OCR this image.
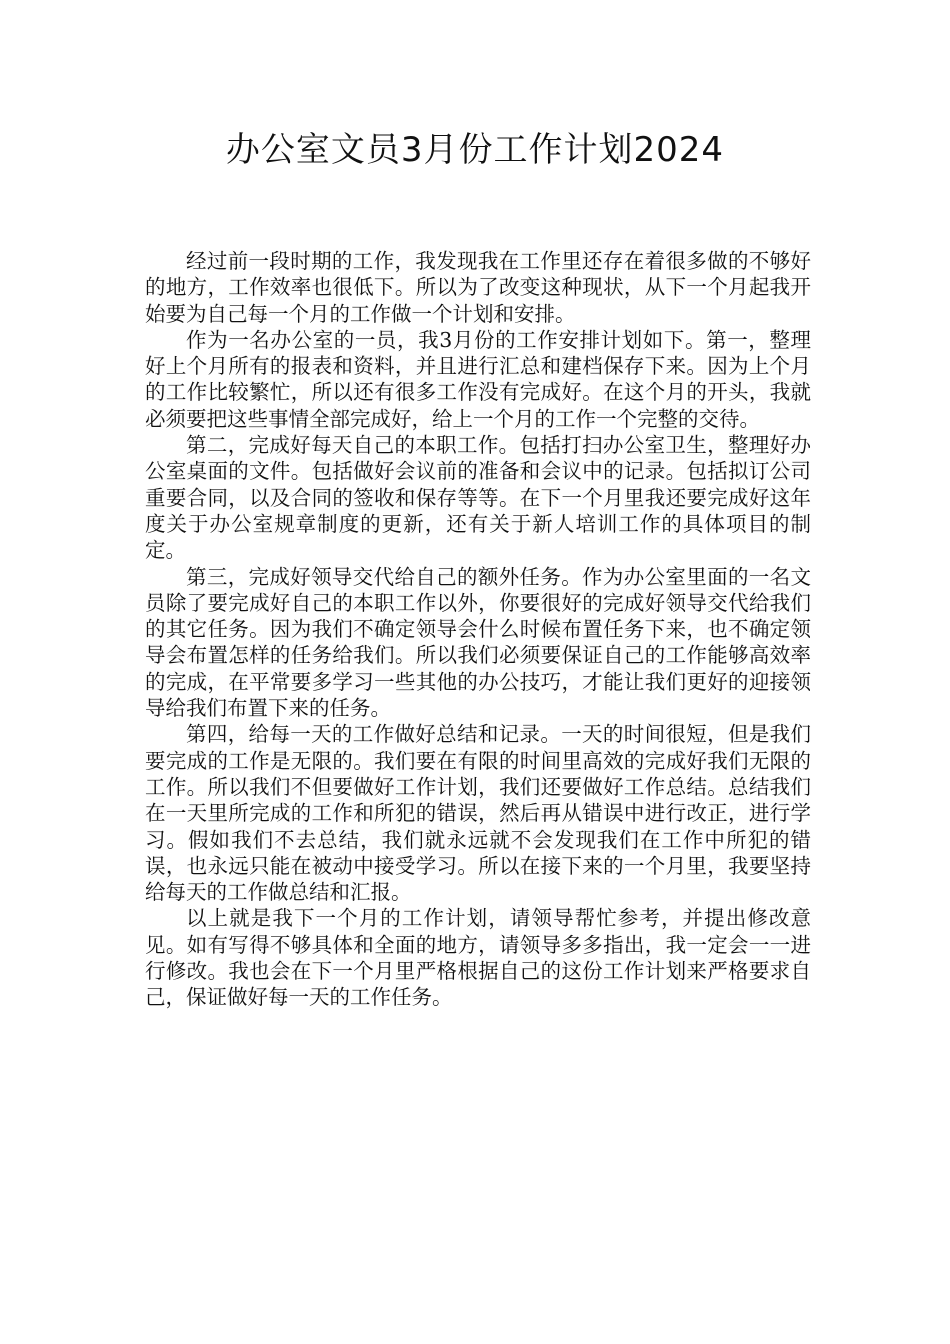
办公室文员3月份工作计划2024

经过前一段时期的工作，我发现我在工作里还存在着很多做的不够好的地方，工作效率也很低下。所以为了改变这种现状，从下一个月起我开始要为自己每一个月的工作做一个计划和安排。

作为一名办公室的一员，我3月份的工作安排计划如下。第一，整理好上个月所有的报表和资料，并且进行汇总和建档保存下来。因为上个月的工作比较繁忙，所以还有很多工作没有完成好。在这个月的开头，我就必须要把这些事情全部完成好，给上一个月的工作一个完整的交待。

第二，完成好每天自己的本职工作。包括打扫办公室卫生，整理好办公室桌面的文件。包括做好会议前的准备和会议中的记录。包括拟订公司重要合同，以及合同的签收和保存等等。在下一个月里我还要完成好这年度关于办公室规章制度的更新，还有关于新人培训工作的具体项目的制定。

第三，完成好领导交代给自己的额外任务。作为办公室里面的一名文员除了要完成好自己的本职工作以外，你要很好的完成好领导交代给我们的其它任务。因为我们不确定领导会什么时候布置任务下来，也不确定领导会布置怎样的任务给我们。所以我们必须要保证自己的工作能够高效率的完成，在平常要多学习一些其他的办公技巧，才能让我们更好的迎接领导给我们布置下来的任务。

第四，给每一天的工作做好总结和记录。一天的时间很短，但是我们要完成的工作是无限的。我们要在有限的时间里高效的完成好我们无限的工作。所以我们不但要做好工作计划，我们还要做好工作总结。总结我们在一天里所完成的工作和所犯的错误，然后再从错误中进行改正，进行学习。假如我们不去总结，我们就永远就不会发现我们在工作中所犯的错误，也永远只能在被动中接受学习。所以在接下来的一个月里，我要坚持给每天的工作做总结和汇报。

以上就是我下一个月的工作计划，请领导帮忙参考，并提出修改意见。如有写得不够具体和全面的地方，请领导多多指出，我一定会一一进行修改。我也会在下一个月里严格根据自己的这份工作计划来严格要求自己，保证做好每一天的工作任务。
